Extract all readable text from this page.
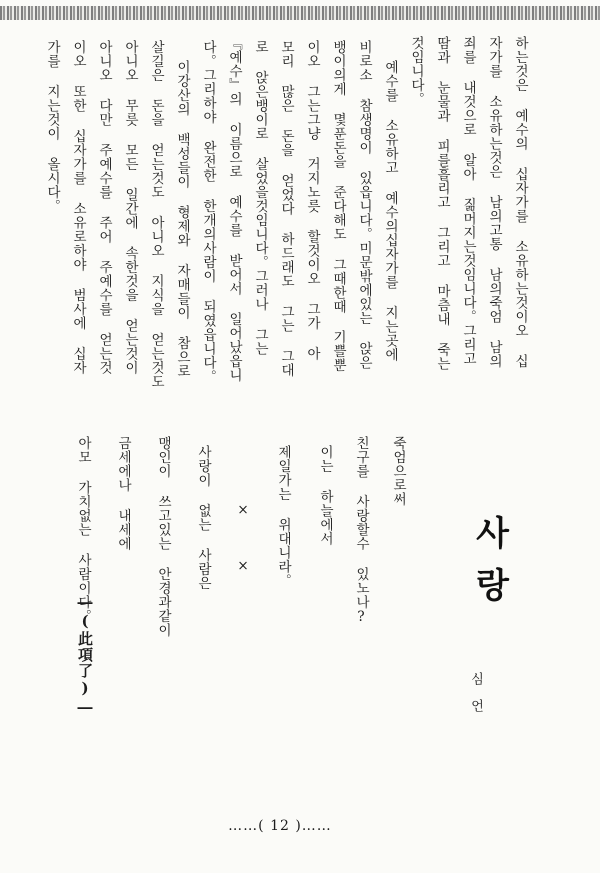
하는것은 예수의 십자가를 소유하는것이오 십
자가를 소유하는것은 남의고통 남의죽엄 남의
죄를 내것으로 알아 짊머지는것임니다。그리고
땀과 눈물과 피를흘리고 그리고 마츰내 죽는
것임니다。
예수를 소유하고 예수의십자가를 지는곳에
비로소 참생명이 있읍니다。미문밖에있는 앉은
뱅이의게 몇푼돈을 준다해도 그때한때 기쁠뿐
이오 그는그냥 거지노릇 할것이오 그가 아
모리 많은 돈을 얻었다 하드래도 그는 그대
로 앉은뱅이로 살었을것임니다。그러나 그는
『예수』의 이름으로 예수를 받어서 일어났읍니
다。그리하야 완전한 한개의사람이 되였읍니다。
이강산의 백성들이 형제와 자매들이 참으로
살길은 돈을 얻는것도 아니오 지식을 얻는것도
아니오 무릇 모든 일간에 속한것을 얻는것이
아니오 다만 주예수를 주어 주예수를 얻는것
이오 또한 십자가를 소유로하야 범사에 십자
가를 지는것이 올시다。
―(此項了)―
사랑
심언
죽엄으로써
친구를 사랑할수 있노나?
이는 하늘에서
제일가는 위대니라。
× ×
사랑이 없는 사람은
맹인이 쓰고있는 안경과같이
금세에나 내세에
아모 가치없는 사람이다。
……( 12 )……
